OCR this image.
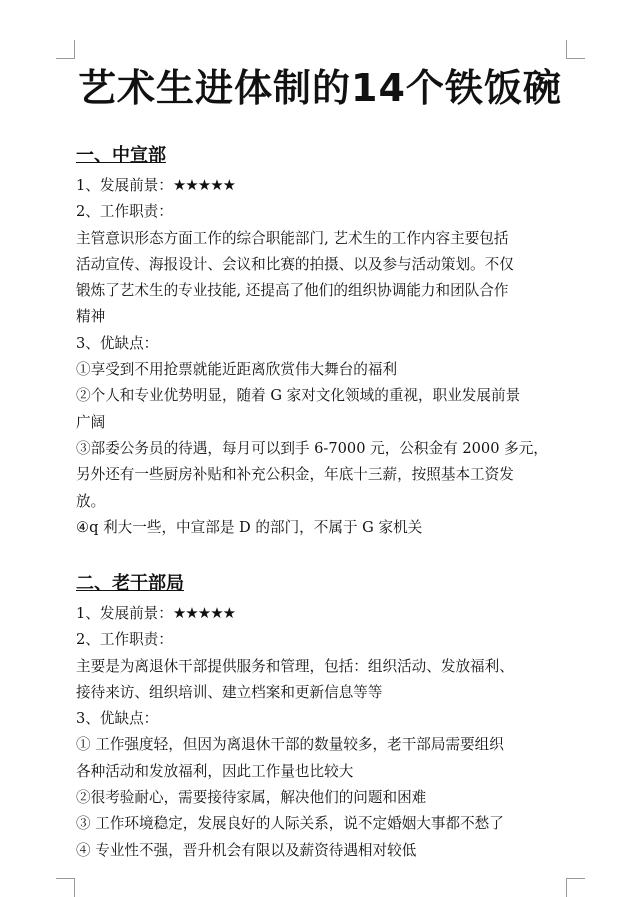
艺术生进体制的14个铁饭碗

一、中宣部

1、发展前景：★★★★★

2、工作职责：

主管意识形态方面工作的综合职能部门, 艺术生的工作内容主要包括

活动宣传、海报设计、会议和比赛的拍摄、以及参与活动策划。不仅

锻炼了艺术生的专业技能, 还提高了他们的组织协调能力和团队合作

精神

3、优缺点：

①享受到不用抢票就能近距离欣赏伟大舞台的福利

②个人和专业优势明显，随着 G 家对文化领域的重视，职业发展前景

广阔

③部委公务员的待遇，每月可以到手 6-7000 元，公积金有 2000 多元，

另外还有一些厨房补贴和补充公积金，年底十三薪，按照基本工资发

放。

④q 利大一些，中宣部是 D 的部门，不属于 G 家机关

二、老干部局

1、发展前景：★★★★★

2、工作职责：

主要是为离退休干部提供服务和管理，包括：组织活动、发放福利、

接待来访、组织培训、建立档案和更新信息等等

3、优缺点：

① 工作强度轻，但因为离退休干部的数量较多，老干部局需要组织

各种活动和发放福利，因此工作量也比较大

②很考验耐心，需要接待家属，解决他们的问题和困难

③ 工作环境稳定，发展良好的人际关系，说不定婚姻大事都不愁了

④ 专业性不强，晋升机会有限以及薪资待遇相对较低
